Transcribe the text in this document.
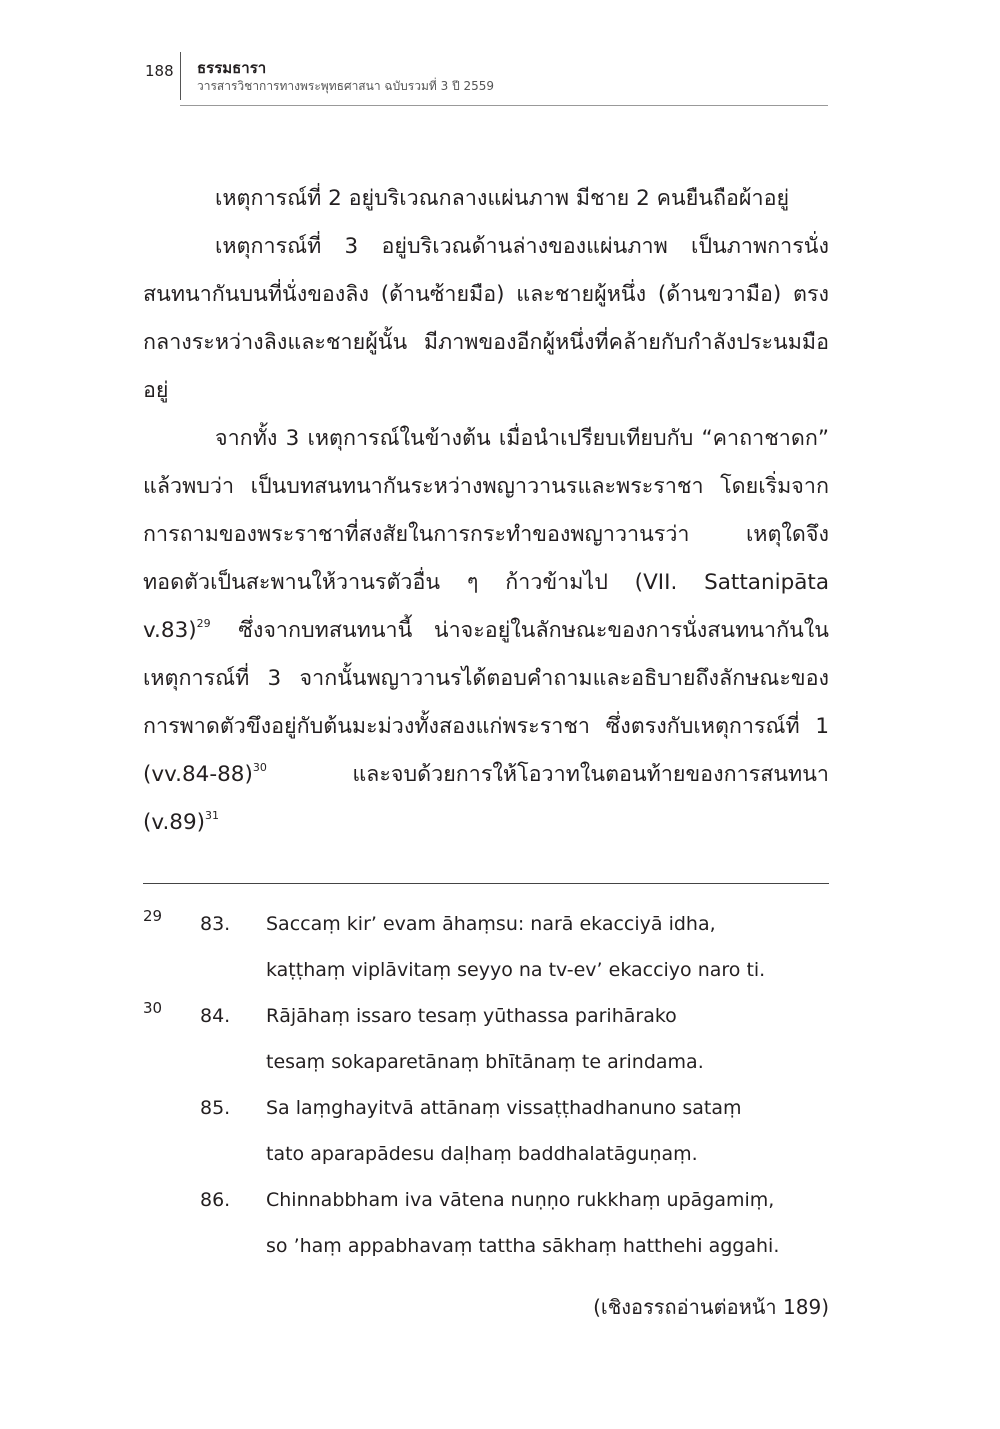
188 ธรรมธารา
วารสารวิชาการทางพระพุทธศาสนา ฉบับรวมที่ 3 ปี 2559

เหตุการณ์ที่ 2 อยู่บริเวณกลางแผ่นภาพ มีชาย 2 คนยืนถือผ้าอยู่

เหตุการณ์ที่ 3 อยู่บริเวณด้านล่างของแผ่นภาพ เป็นภาพการนั่งสนทนากันบนที่นั่งของลิง (ด้านซ้ายมือ) และชายผู้หนึ่ง (ด้านขวามือ) ตรงกลางระหว่างลิงและชายผู้นั้น มีภาพของอีกผู้หนึ่งที่คล้ายกับกำลังประนมมืออยู่

จากทั้ง 3 เหตุการณ์ในข้างต้น เมื่อนำเปรียบเทียบกับ “คาถาชาดก” แล้วพบว่า เป็นบทสนทนากันระหว่างพญาวานรและพระราชา โดยเริ่มจากการถามของพระราชาที่สงสัยในการกระทำของพญาวานรว่า เหตุใดจึงทอดตัวเป็นสะพานให้วานรตัวอื่น ๆ ก้าวข้ามไป (VII. Sattanipāta v.83)$^{29}$ ซึ่งจากบทสนทนานี้ น่าจะอยู่ในลักษณะของการนั่งสนทนากันในเหตุการณ์ที่ 3 จากนั้นพญาวานรได้ตอบคำถามและอธิบายถึงลักษณะของการพาดตัวขึงอยู่กับต้นมะม่วงทั้งสองแก่พระราชา ซึ่งตรงกับเหตุการณ์ที่ 1 $(vv.84-88)^{30}$	และจบด้วยการให้โอวาทในตอนท้ายของการสนทนา $(v.89)^{31}$

29 83. Saccaṃ kir’ evam āhaṃsu: narā ekacciyā idha,
kaṭṭhaṃ viplāvitaṃ seyyo na tv-ev’ ekacciyo naro ti.
30 84. Rājāhaṃ issaro tesaṃ yūthassa parihārako
tesaṃ sokaparetānaṃ bhītānaṃ te arindama.
85. Sa laṃghayitvā attānaṃ vissaṭṭhadhanuno sataṃ
tato aparapādesu daḷhaṃ baddhalatāguṇaṃ.
86. Chinnabbham iva vātena nuṇṇo rukkhaṃ upāgamiṃ,
so ’haṃ appabhavaṃ tattha sākhaṃ hatthehi aggahi.
(เชิงอรรถอ่านต่อหน้า 189)
